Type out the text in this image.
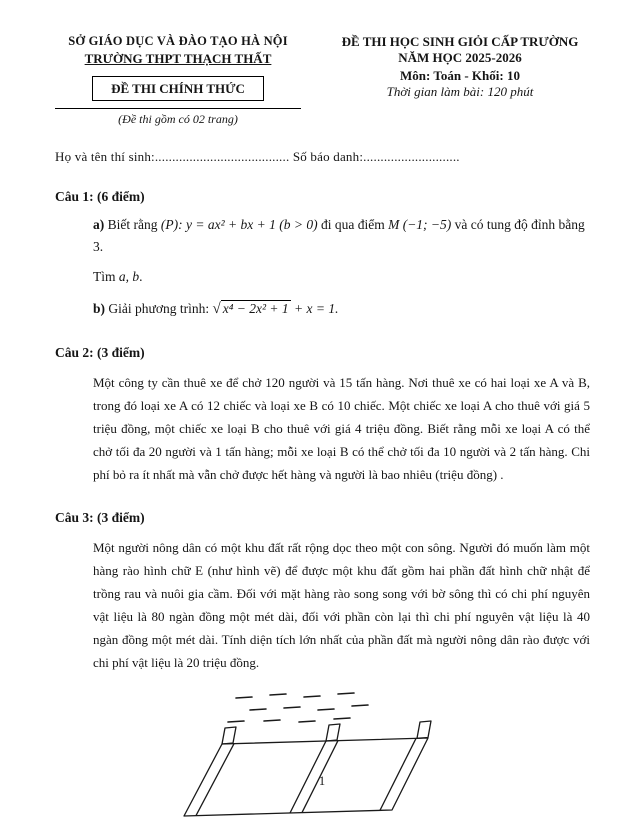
SỞ GIÁO DỤC VÀ ĐÀO TẠO HÀ NỘI
TRƯỜNG THPT THẠCH THẤT
ĐỀ THI CHÍNH THỨC
(Đề thi gồm có 02 trang)
ĐỀ THI HỌC SINH GIỎI CẤP TRƯỜNG
NĂM HỌC 2025-2026
Môn: Toán - Khối: 10
Thời gian làm bài: 120 phút
Họ và tên thí sinh:....................................... Số báo danh:............................
Câu 1: (6 điểm)

a) Biết rằng (P): y = ax² + bx + 1 (b > 0) đi qua điểm M (−1; −5) và có tung độ đỉnh bằng 3.

Tìm a, b.

b) Giải phương trình: √ x⁴ − 2x² + 1 + x = 1.

Câu 2: (3 điểm)

Một công ty cần thuê xe để chở 120 người và 15 tấn hàng. Nơi thuê xe có hai loại xe A và B, trong đó loại xe A có 12 chiếc và loại xe B có 10 chiếc. Một chiếc xe loại A cho thuê với giá 5 triệu đồng, một chiếc xe loại B cho thuê với giá 4 triệu đồng. Biết rằng mỗi xe loại A có thể chở tối đa 20 người và 1 tấn hàng; mỗi xe loại B có thể chở tối đa 10 người và 2 tấn hàng. Chi phí bỏ ra ít nhất mà vẫn chở được hết hàng và người là bao nhiêu (triệu đồng) .

Câu 3: (3 điểm)

Một người nông dân có một khu đất rất rộng dọc theo một con sông. Người đó muốn làm một hàng rào hình chữ E (như hình vẽ) để được một khu đất gồm hai phần đất hình chữ nhật để trồng rau và nuôi gia cầm. Đối với mặt hàng rào song song với bờ sông thì có chi phí nguyên vật liệu là 80 ngàn đồng một mét dài, đối với phần còn lại thì chi phí nguyên vật liệu là 40 ngàn đồng một mét dài. Tính diện tích lớn nhất của phần đất mà người nông dân rào được với chi phí vật liệu là 20 triệu đồng.

1
